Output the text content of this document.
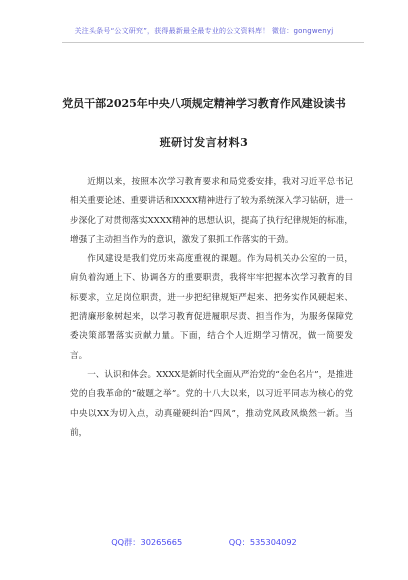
关注头条号“公文研究”，获得最新最全最专业的公文资料库！ 微信：gongwenyj
党员干部2025年中央八项规定精神学习教育作风建设读书
班研讨发言材料3

近期以来，按照本次学习教育要求和局党委安排，我对习近平总书记相关重要论述、重要讲话和XXXX精神进行了较为系统深入学习钻研，进一步深化了对贯彻落实XXXX精神的思想认识，提高了执行纪律规矩的标准，增强了主动担当作为的意识，激发了狠抓工作落实的干劲。

作风建设是我们党历来高度重视的课题。作为局机关办公室的一员，肩负着沟通上下、协调各方的重要职责，我将牢牢把握本次学习教育的目标要求，立足岗位职责，进一步把纪律规矩严起来、把务实作风硬起来、把清廉形象树起来，以学习教育促进履职尽责、担当作为，为服务保障党委决策部署落实贡献力量。下面，结合个人近期学习情况，做一简要发言。

一、认识和体会。XXXX是新时代全面从严治党的“金色名片”，是推进党的自我革命的“破题之举”。党的十八大以来，以习近平同志为核心的党中央以XX为切入点，动真碰硬纠治“四风”，推动党风政风焕然一新。当前，

QQ群：30265665	QQ：535304092
